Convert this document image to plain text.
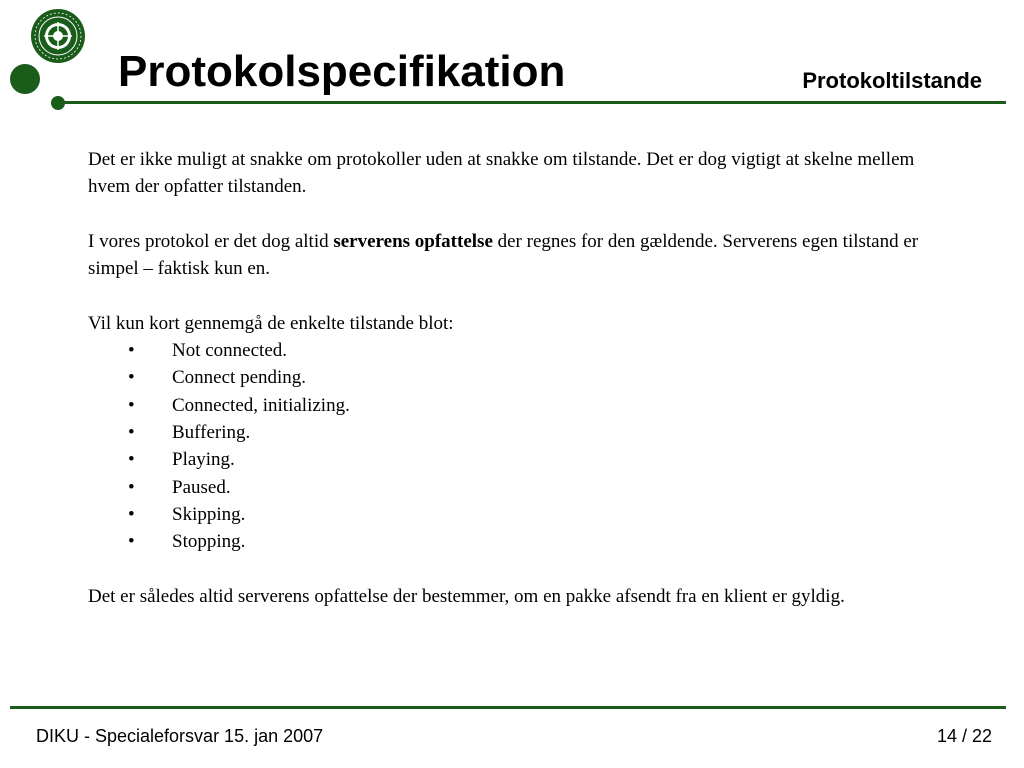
Protokolspecifikation	Protokoltilstande

Det er ikke muligt at snakke om protokoller uden at snakke om tilstande. Det er dog vigtigt at skelne mellem hvem der opfatter tilstanden.

I vores protokol er det dog altid serverens opfattelse der regnes for den gældende. Serverens egen tilstand er simpel – faktisk kun en.

Vil kun kort gennemgå de enkelte tilstande blot:

• Not connected.
• Connect pending.
• Connected, initializing.
• Buffering.
• Playing.
• Paused.
• Skipping.
• Stopping.

Det er således altid serverens opfattelse der bestemmer, om en pakke afsendt fra en klient er gyldig.

DIKU - Specialeforsvar 15. jan 2007	14 / 22
